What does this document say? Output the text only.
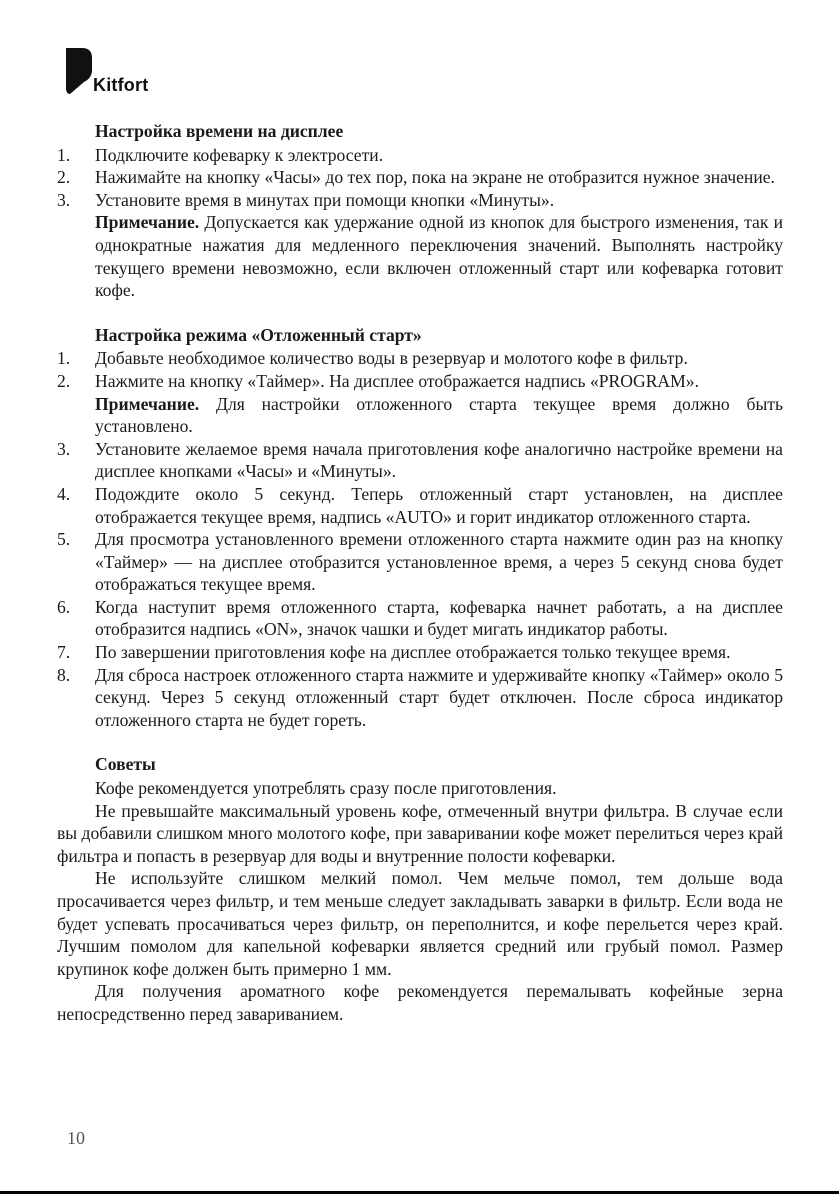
Kitfort
Настройка времени на дисплее
1. Подключите кофеварку к электросети.
2. Нажимайте на кнопку «Часы» до тех пор, пока на экране не отобразится нужное значение.
3. Установите время в минутах при помощи кнопки «Минуты».
Примечание. Допускается как удержание одной из кнопок для быстрого изменения, так и однократные нажатия для медленного переключения значений. Выполнять настройку текущего времени невозможно, если включен отложенный старт или кофеварка готовит кофе.
Настройка режима «Отложенный старт»
1. Добавьте необходимое количество воды в резервуар и молотого кофе в фильтр.
2. Нажмите на кнопку «Таймер». На дисплее отображается надпись «PROGRAM».
Примечание. Для настройки отложенного старта текущее время должно быть установлено.
3. Установите желаемое время начала приготовления кофе аналогично настройке времени на дисплее кнопками «Часы» и «Минуты».
4. Подождите около 5 секунд. Теперь отложенный старт установлен, на дисплее отображается текущее время, надпись «AUTO» и горит индикатор отложенного старта.
5. Для просмотра установленного времени отложенного старта нажмите один раз на кнопку «Таймер» — на дисплее отобразится установленное время, а через 5 секунд снова будет отображаться текущее время.
6. Когда наступит время отложенного старта, кофеварка начнет работать, а на дисплее отобразится надпись «ON», значок чашки и будет мигать индикатор работы.
7. По завершении приготовления кофе на дисплее отображается только текущее время.
8. Для сброса настроек отложенного старта нажмите и удерживайте кнопку «Таймер» около 5 секунд. Через 5 секунд отложенный старт будет отключен. После сброса индикатор отложенного старта не будет гореть.
Советы

Кофе рекомендуется употреблять сразу после приготовления.

Не превышайте максимальный уровень кофе, отмеченный внутри фильтра. В случае если вы добавили слишком много молотого кофе, при заваривании кофе может перелиться через край фильтра и попасть в резервуар для воды и внутренние полости кофеварки.

Не используйте слишком мелкий помол. Чем мельче помол, тем дольше вода просачивается через фильтр, и тем меньше следует закладывать заварки в фильтр. Если вода не будет успевать просачиваться через фильтр, он переполнится, и кофе перельется через край. Лучшим помолом для капельной кофеварки является средний или грубый помол. Размер крупинок кофе должен быть примерно 1 мм.

Для получения ароматного кофе рекомендуется перемалывать кофейные зерна непосредственно перед завариванием.

10
